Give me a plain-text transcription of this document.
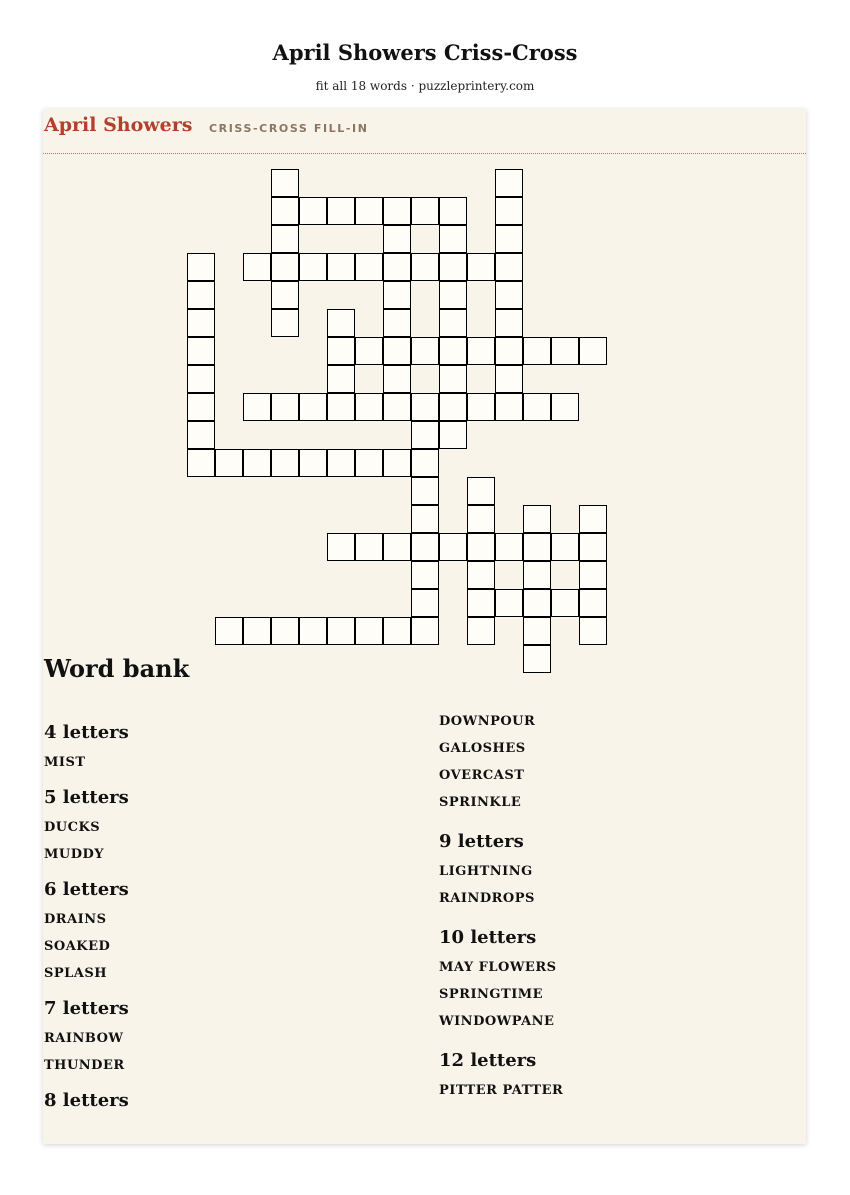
April Showers Criss-Cross
fit all 18 words · puzzleprintery.com
April Showers CRISS-CROSS FILL-IN
Word bank
4 letters
MIST
5 letters
DUCKS
MUDDY
6 letters
DRAINS
SOAKED
SPLASH
7 letters
RAINBOW
THUNDER
8 letters
DOWNPOUR
GALOSHES
OVERCAST
SPRINKLE
9 letters
LIGHTNING
RAINDROPS
10 letters
MAY FLOWERS
SPRINGTIME
WINDOWPANE
12 letters
PITTER PATTER
